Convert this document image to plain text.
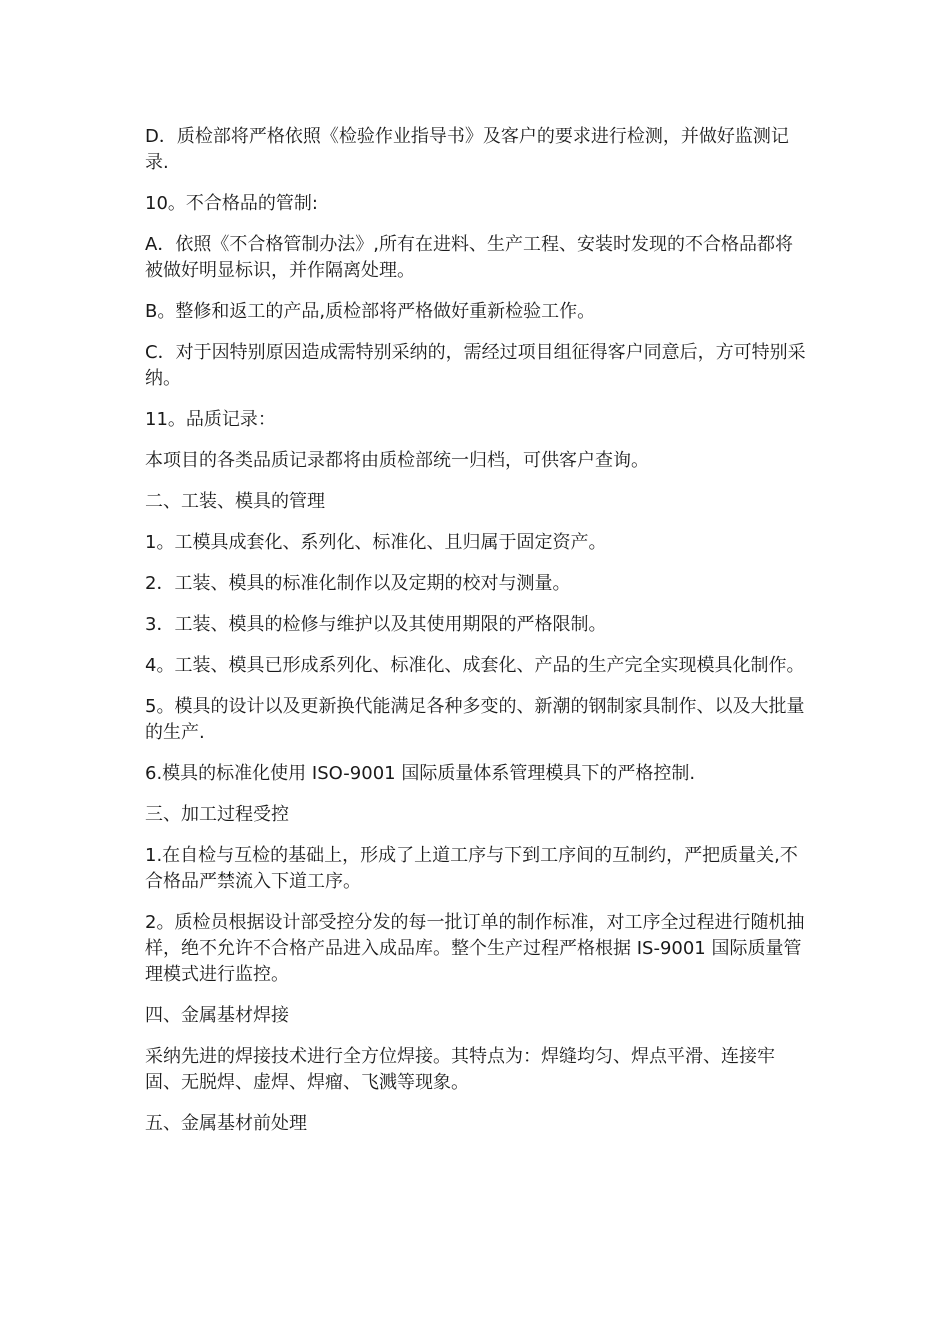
D．质检部将严格依照《检验作业指导书》及客户的要求进行检测，并做好监测记录.

10。不合格品的管制:

A．依照《不合格管制办法》,所有在进料、生产工程、安装时发现的不合格品都将被做好明显标识，并作隔离处理。

B。整修和返工的产品,质检部将严格做好重新检验工作。

C．对于因特别原因造成需特别采纳的，需经过项目组征得客户同意后，方可特别采纳。

11。品质记录：

本项目的各类品质记录都将由质检部统一归档，可供客户查询。

二、工装、模具的管理

1。工模具成套化、系列化、标准化、且归属于固定资产。

2．工装、模具的标准化制作以及定期的校对与测量。

3．工装、模具的检修与维护以及其使用期限的严格限制。

4。工装、模具已形成系列化、标准化、成套化、产品的生产完全实现模具化制作。

5。模具的设计以及更新换代能满足各种多变的、新潮的钢制家具制作、以及大批量的生产.

6.模具的标准化使用 ISO-9001 国际质量体系管理模具下的严格控制.

三、加工过程受控

1.在自检与互检的基础上，形成了上道工序与下到工序间的互制约，严把质量关,不合格品严禁流入下道工序。

2。质检员根据设计部受控分发的每一批订单的制作标准，对工序全过程进行随机抽样，绝不允许不合格产品进入成品库。整个生产过程严格根据 IS-9001 国际质量管理模式进行监控。

四、金属基材焊接

采纳先进的焊接技术进行全方位焊接。其特点为：焊缝均匀、焊点平滑、连接牢固、无脱焊、虚焊、焊瘤、飞溅等现象。

五、金属基材前处理
